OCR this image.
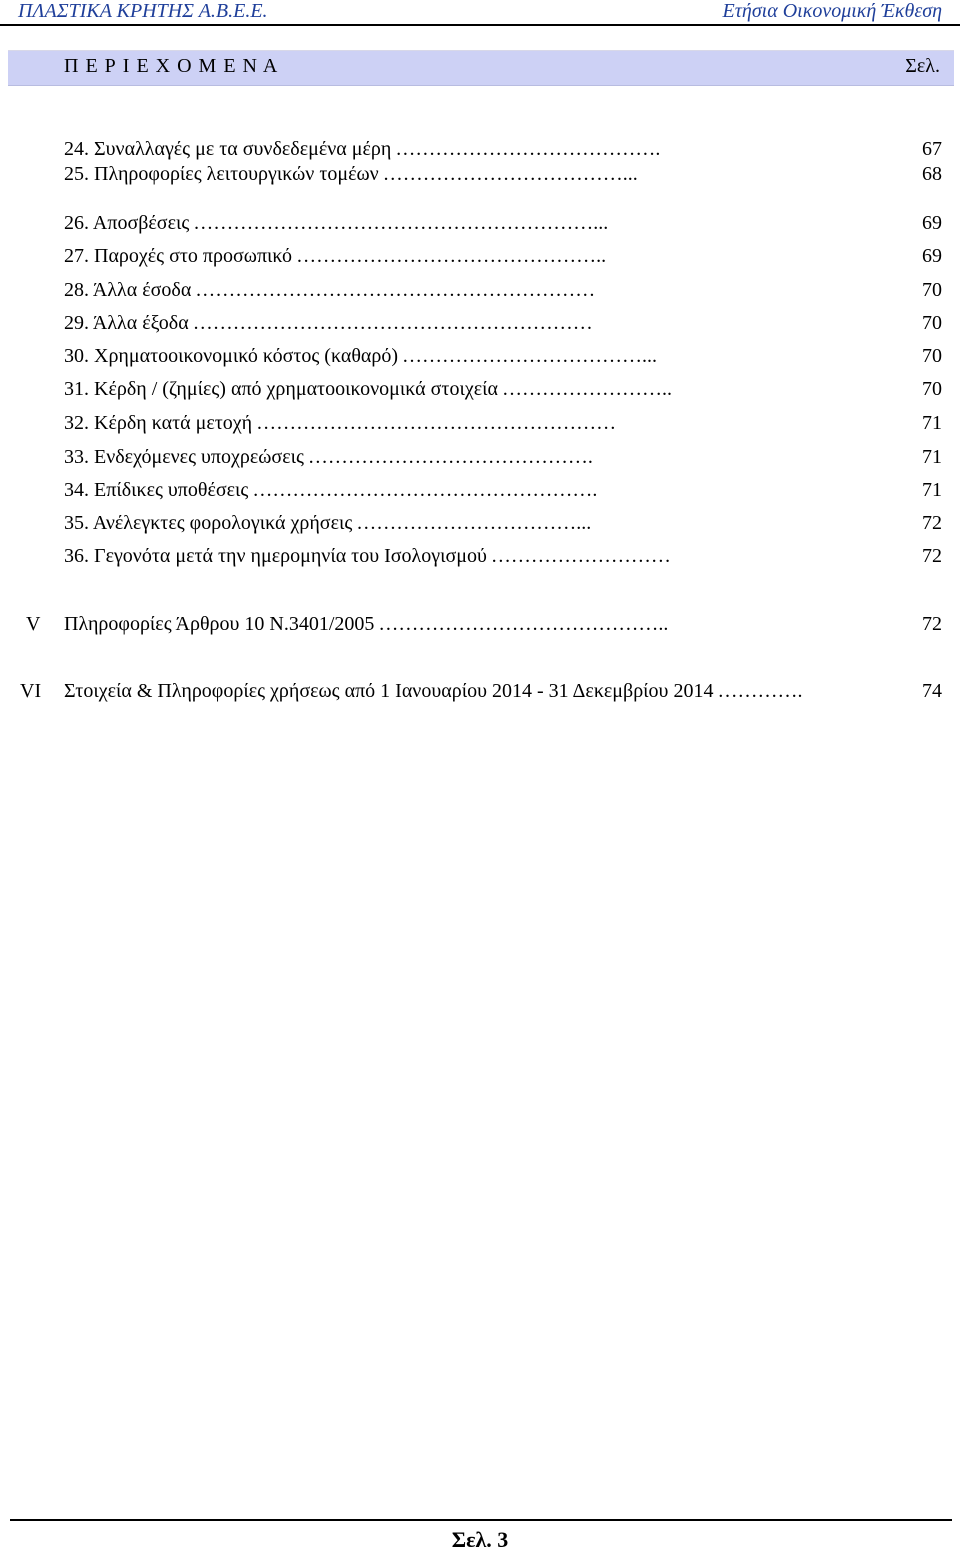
ΠΛΑΣΤΙΚΑ ΚΡΗΤΗΣ Α.Β.Ε.Ε.	Ετήσια Οικονομική Έκθεση
Π Ε Ρ Ι Ε Χ Ο Μ Ε Ν Α	Σελ.
24. Συναλλαγές με τα συνδεδεμένα μέρη ………………………………….	67
25. Πληροφορίες λειτουργικών τομέων ………………………………...	68
26. Αποσβέσεις ……………………………………………………...	69
27. Παροχές στο προσωπικό ………………………………………..	69
28. Άλλα έσοδα ……………………………………………………	70
29. Άλλα έξοδα ……………………………………………………	70
30. Χρηματοοικονομικό κόστος (καθαρό) ………………………………...	70
31. Κέρδη / (ζημίες) από χρηματοοικονομικά στοιχεία ……………………..	70
32. Κέρδη κατά μετοχή ………………………………………………	71
33. Ενδεχόμενες υποχρεώσεις …………………………………….	71
34. Επίδικες υποθέσεις …………………………………………….	71
35. Ανέλεγκτες φορολογικά χρήσεις ……………………………...	72
36. Γεγονότα μετά την ημερομηνία του Ισολογισμού ………………………	72
V Πληροφορίες Άρθρου 10 Ν.3401/2005 ……………………………………..	72
VI Στοιχεία & Πληροφορίες χρήσεως από 1 Ιανουαρίου 2014 - 31 Δεκεμβρίου 2014 ………….	74
Σελ. 3
